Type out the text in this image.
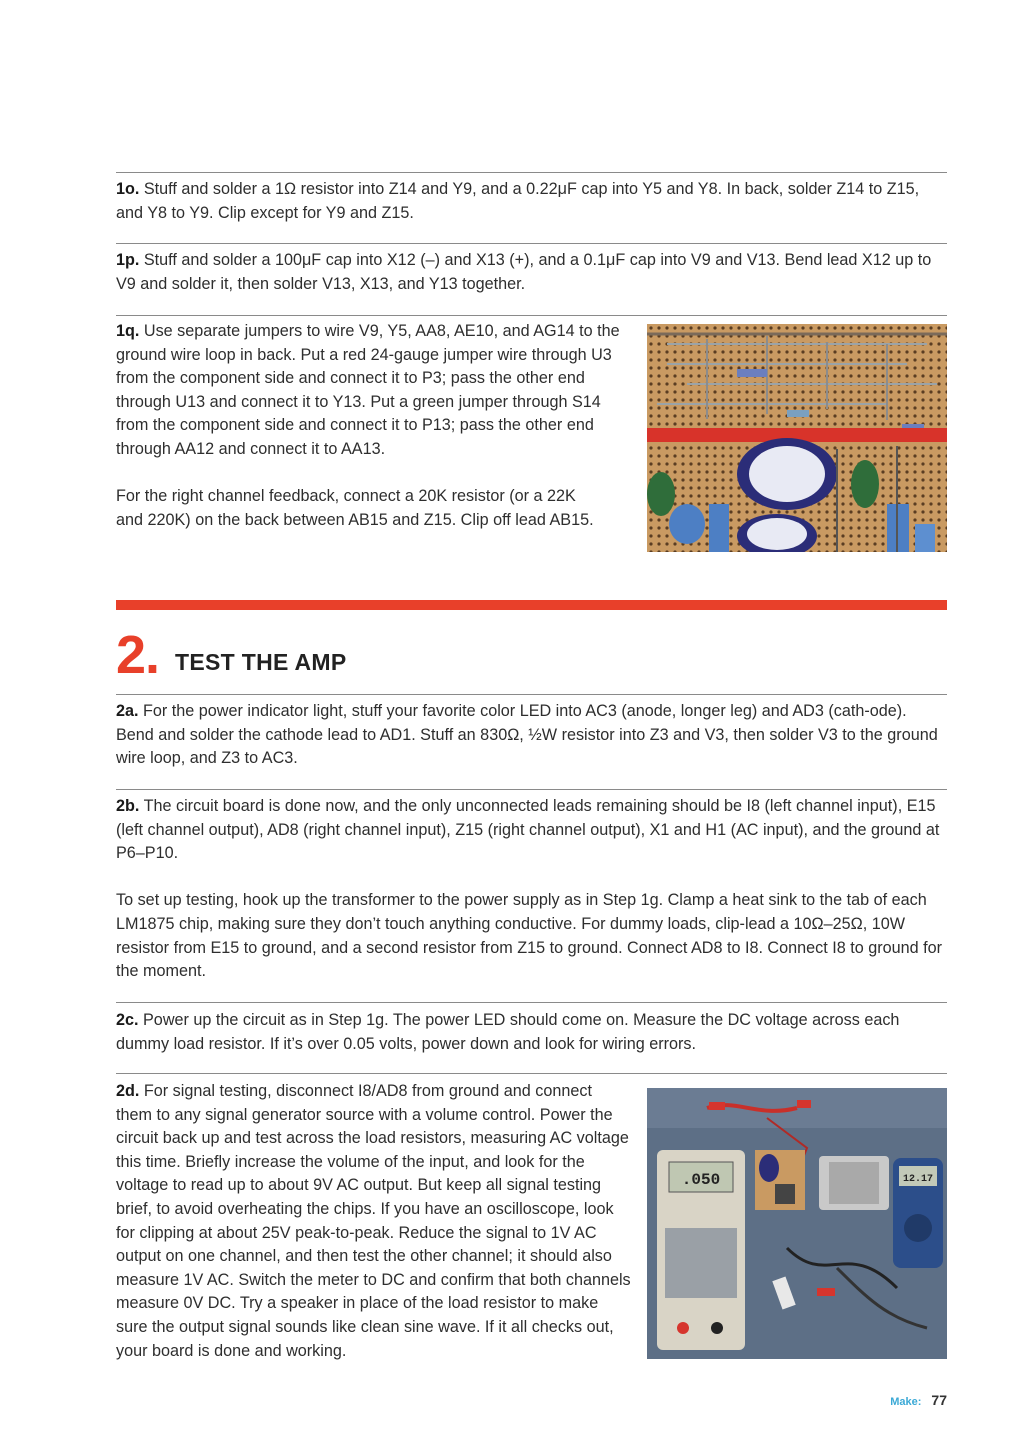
1o. Stuff and solder a 1Ω resistor into Z14 and Y9, and a 0.22μF cap into Y5 and Y8. In back, solder Z14 to Z15, and Y8 to Y9. Clip except for Y9 and Z15.

1p. Stuff and solder a 100μF cap into X12 (–) and X13 (+), and a 0.1μF cap into V9 and V13. Bend lead X12 up to V9 and solder it, then solder V13, X13, and Y13 together.

1q. Use separate jumpers to wire V9, Y5, AA8, AE10, and AG14 to the ground wire loop in back. Put a red 24-gauge jumper wire through U3 from the component side and connect it to P3; pass the other end through U13 and connect it to Y13. Put a green jumper through S14 from the component side and connect it to P13; pass the other end through AA12 and connect it to AA13.

For the right channel feedback, connect a 20K resistor (or a 22K and 220K) on the back between AB15 and Z15. Clip off lead AB15.

2. TEST THE AMP

2a. For the power indicator light, stuff your favorite color LED into AC3 (anode, longer leg) and AD3 (cath-ode). Bend and solder the cathode lead to AD1. Stuff an 830Ω, ½W resistor into Z3 and V3, then solder V3 to the ground wire loop, and Z3 to AC3.

2b. The circuit board is done now, and the only unconnected leads remaining should be I8 (left channel input), E15 (left channel output), AD8 (right channel input), Z15 (right channel output), X1 and H1 (AC input), and the ground at P6–P10.

To set up testing, hook up the transformer to the power supply as in Step 1g. Clamp a heat sink to the tab of each LM1875 chip, making sure they don’t touch anything conductive. For dummy loads, clip-lead a 10Ω–25Ω, 10W resistor from E15 to ground, and a second resistor from Z15 to ground. Connect AD8 to I8. Connect I8 to ground for the moment.

2c. Power up the circuit as in Step 1g. The power LED should come on. Measure the DC voltage across each dummy load resistor. If it’s over 0.05 volts, power down and look for wiring errors.

2d. For signal testing, disconnect I8/AD8 from ground and connect them to any signal generator source with a volume control. Power the circuit back up and test across the load resistors, measuring AC voltage this time. Briefly increase the volume of the input, and look for the voltage to read up to about 9V AC output. But keep all signal testing brief, to avoid overheating the chips. If you have an oscilloscope, look for clipping at about 25V peak-to-peak. Reduce the signal to 1V AC output on one channel, and then test the other channel; it should also measure 1V AC. Switch the meter to DC and confirm that both channels measure 0V DC. Try a speaker in place of the load resistor to make sure the output signal sounds like clean sine wave. If it all checks out, your board is done and working.

.050	12.17
Make: 77
